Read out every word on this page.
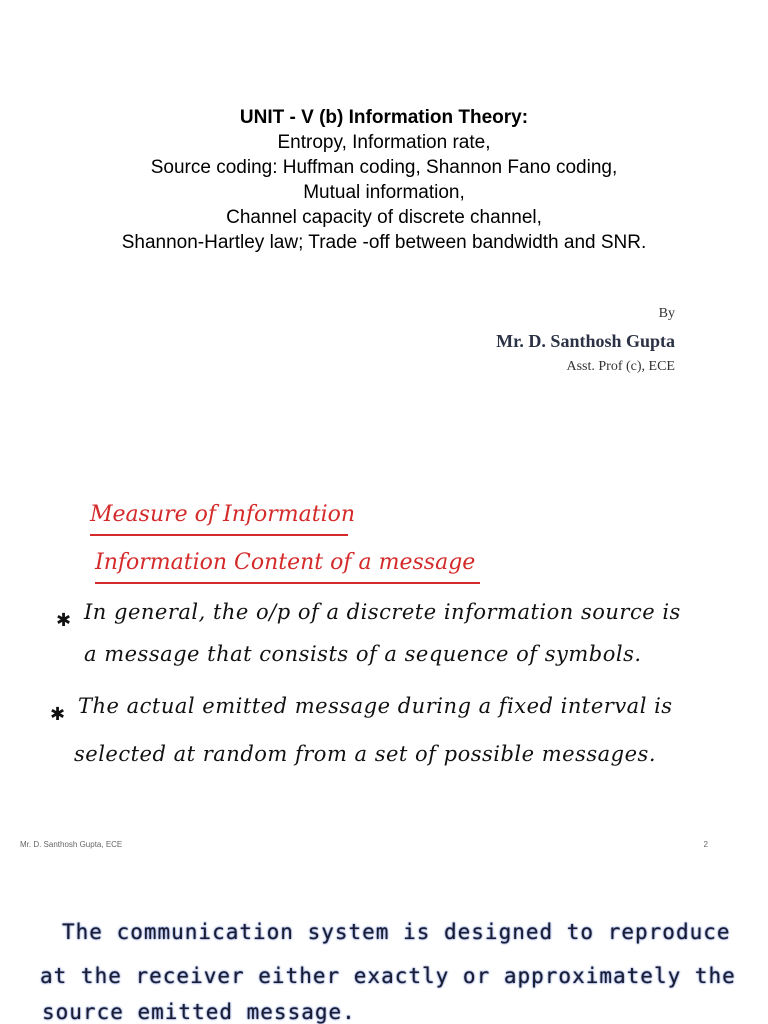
UNIT - V (b) Information Theory:
Entropy, Information rate,
Source coding: Huffman coding, Shannon Fano coding,
Mutual information,
Channel capacity of discrete channel,
Shannon-Hartley law; Trade -off between bandwidth and SNR.
By
Mr. D. Santhosh Gupta
Asst. Prof (c), ECE
Measure of Information
Information Content of a message
✱ In general, the o/p of a discrete information source is
a message that consists of a sequence of symbols.
✱ The actual emitted message during a fixed interval is
selected at random from a set of possible messages.
Mr. D. Santhosh Gupta, ECE	2
The communication system is designed to reproduce
at the receiver either exactly or approximately the
source emitted message.
